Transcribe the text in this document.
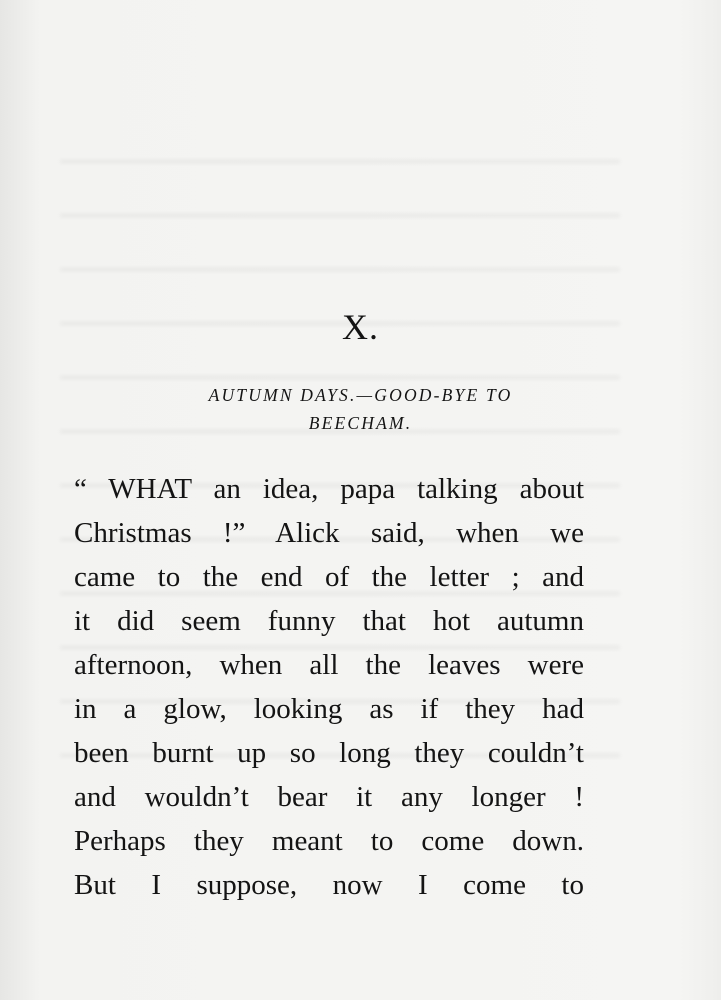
X.
AUTUMN DAYS.—GOOD-BYE TO
BEECHAM.
“ WHAT an idea, papa talking about
Christmas !” Alick said, when we
came to the end of the letter ; and
it did seem funny that hot autumn
afternoon, when all the leaves were
in a glow, looking as if they had
been burnt up so long they couldn’t
and wouldn’t bear it any longer !
Perhaps they meant to come down.
But I suppose, now I come to
